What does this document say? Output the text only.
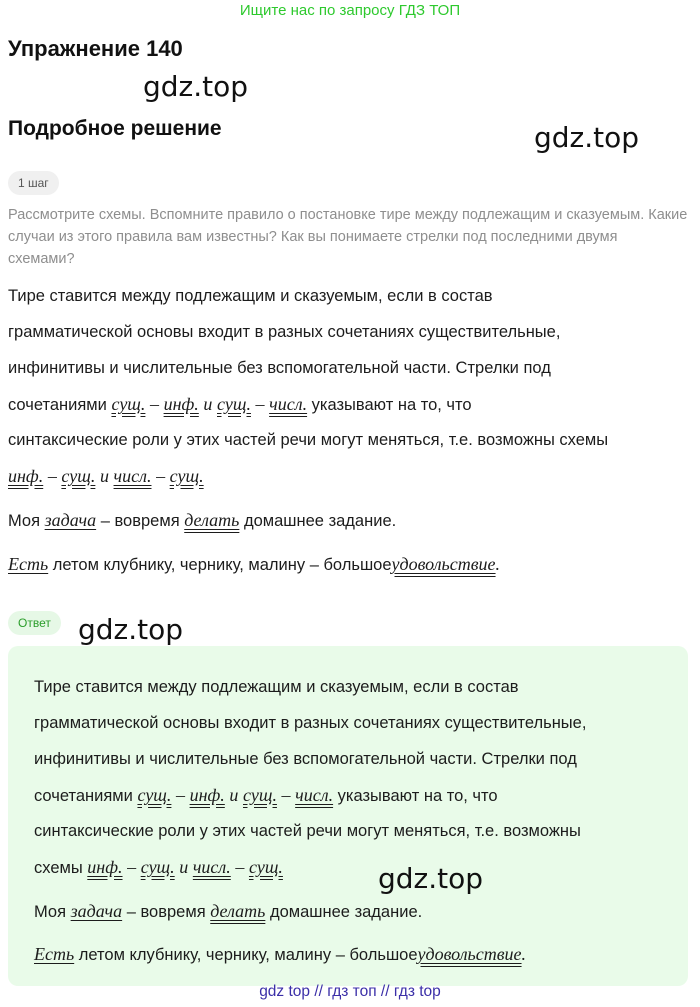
Ищите нас по запросу ГДЗ ТОП
Упражнение 140
gdz.top
Подробное решение	gdz.top
1 шаг
Рассмотрите схемы. Вспомните правило о постановке тире между подлежащим и сказуемым. Какие случаи из этого правила вам известны? Как вы понимаете стрелки под последними двумя схемами?
Тире ставится между подлежащим и сказуемым, если в состав
грамматической основы входит в разных сочетаниях существительные,
инфинитивы и числительные без вспомогательной части. Стрелки под
сочетаниями сущ. – инф. и сущ. – числ. указывают на то, что
синтаксические роли у этих частей речи могут меняться, т.е. возможны схемы
инф. – сущ. и числ. – сущ.
Моя задача – вовремя делать домашнее задание.
Есть летом клубнику, чернику, малину – большоеудовольствие.
Ответ gdz.top
Тире ставится между подлежащим и сказуемым, если в состав
грамматической основы входит в разных сочетаниях существительные,
инфинитивы и числительные без вспомогательной части. Стрелки под
сочетаниями сущ. – инф. и сущ. – числ. указывают на то, что
синтаксические роли у этих частей речи могут меняться, т.е. возможны
схемы инф. – сущ. и числ. – сущ.	gdz.top
Моя задача – вовремя делать домашнее задание.
Есть летом клубнику, чернику, малину – большоеудовольствие.
gdz top // гдз топ // гдз top
